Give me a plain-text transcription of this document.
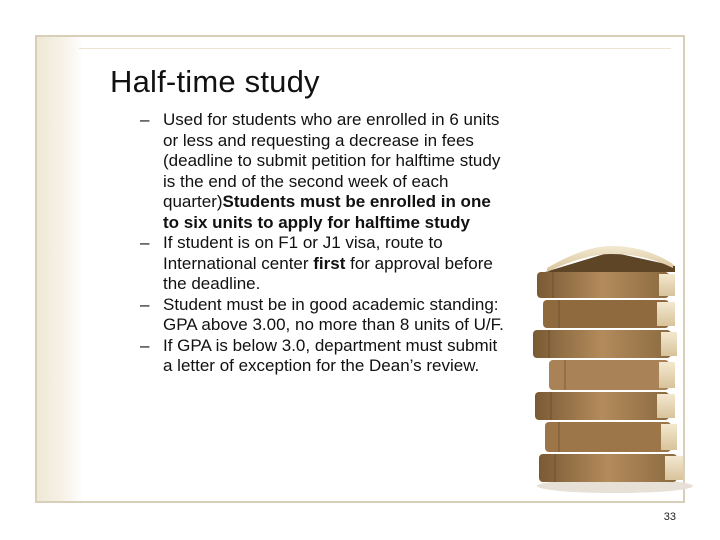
Half-time study
– Used for students who are enrolled in 6 units or less and requesting a decrease in fees (deadline to submit petition for halftime study is the end of the second week of each quarter)Students must be enrolled in one to six units to apply for halftime study
– If student is on F1 or J1 visa, route to International center first for approval before the deadline.
– Student must be in good academic standing: GPA above 3.00, no more than 8 units of U/F.
– If GPA is below 3.0, department must submit a letter of exception for the Dean’s review.
33
